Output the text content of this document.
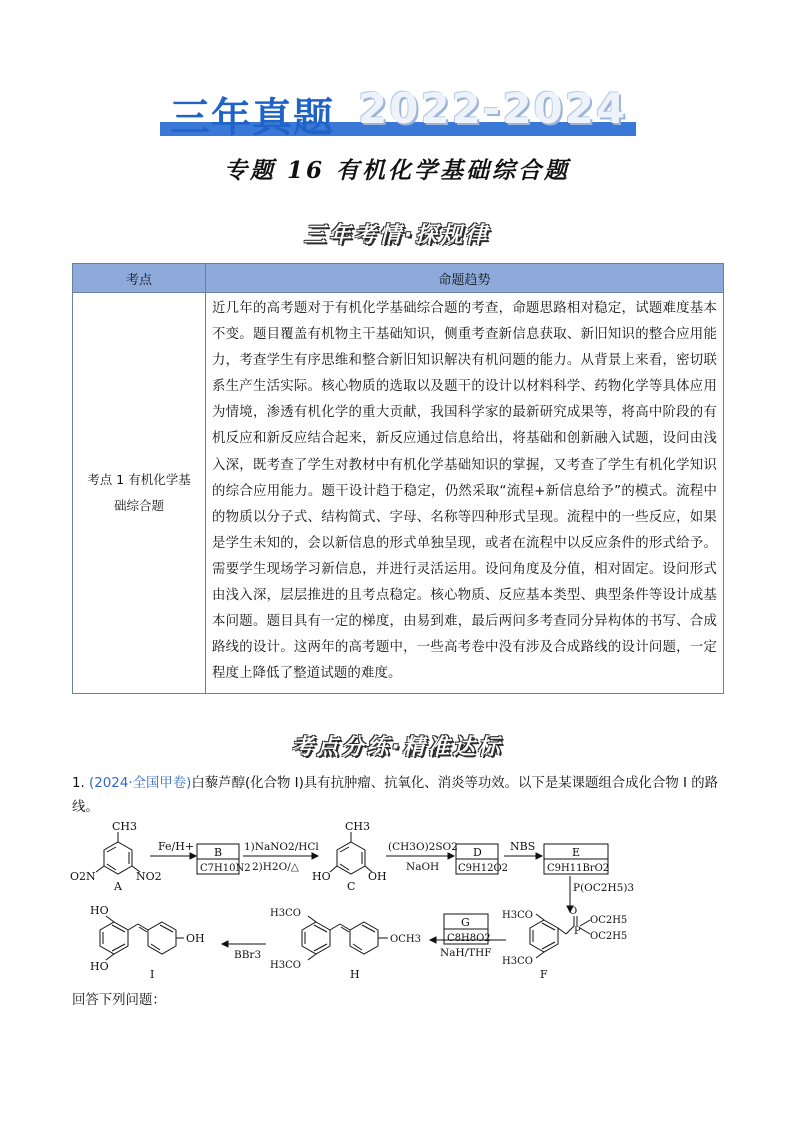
三年真题 2022-2024
专题 16 有机化学基础综合题
三年考情·探规律
考点	命题趋势

考点 1 有机化学基础综合题	近几年的高考题对于有机化学基础综合题的考查，命题思路相对稳定，试题难度基本不变。题目覆盖有机物主干基础知识，侧重考查新信息获取、新旧知识的整合应用能力，考查学生有序思维和整合新旧知识解决有机问题的能力。从背景上来看，密切联系生产生活实际。核心物质的选取以及题干的设计以材料科学、药物化学等具体应用为情境，渗透有机化学的重大贡献，我国科学家的最新研究成果等，将高中阶段的有机反应和新反应结合起来，新反应通过信息给出，将基础和创新融入试题，设问由浅入深，既考查了学生对教材中有机化学基础知识的掌握，又考查了学生有机化学知识的综合应用能力。题干设计趋于稳定，仍然采取“流程+新信息给予”的模式。流程中的物质以分子式、结构简式、字母、名称等四种形式呈现。流程中的一些反应，如果是学生未知的，会以新信息的形式单独呈现，或者在流程中以反应条件的形式给予。需要学生现场学习新信息，并进行灵活运用。设问角度及分值，相对固定。设问形式由浅入深，层层推进的且考点稳定。核心物质、反应基本类型、典型条件等设计成基本问题。题目具有一定的梯度，由易到难，最后两问多考查同分异构体的书写、合成路线的设计。这两年的高考题中，一些高考卷中没有涉及合成路线的设计问题，一定程度上降低了整道试题的难度。
考点分练·精准达标
1. (2024·全国甲卷)白藜芦醇(化合物 I)具有抗肿瘤、抗氧化、消炎等功效。以下是某课题组合成化合物 I 的路线。
CH3
O2N	NO2
A
Fe/H+ B
C7H10N2
1)NaNO2/HCl
2)H2O/△
CH3
HO	OH
C
(CH3O)2SO2
NaOH
D
C9H12O2
NBS	E
C9H11BrO2
P(OC2H5)3
H3CO
H3CO
O
P
OC2H5
OC2H5
F
G
C8H8O2
NaH/THF
H3CO
H3CO
OCH3
H
BBr3
HO
HO
OH
I
回答下列问题：
